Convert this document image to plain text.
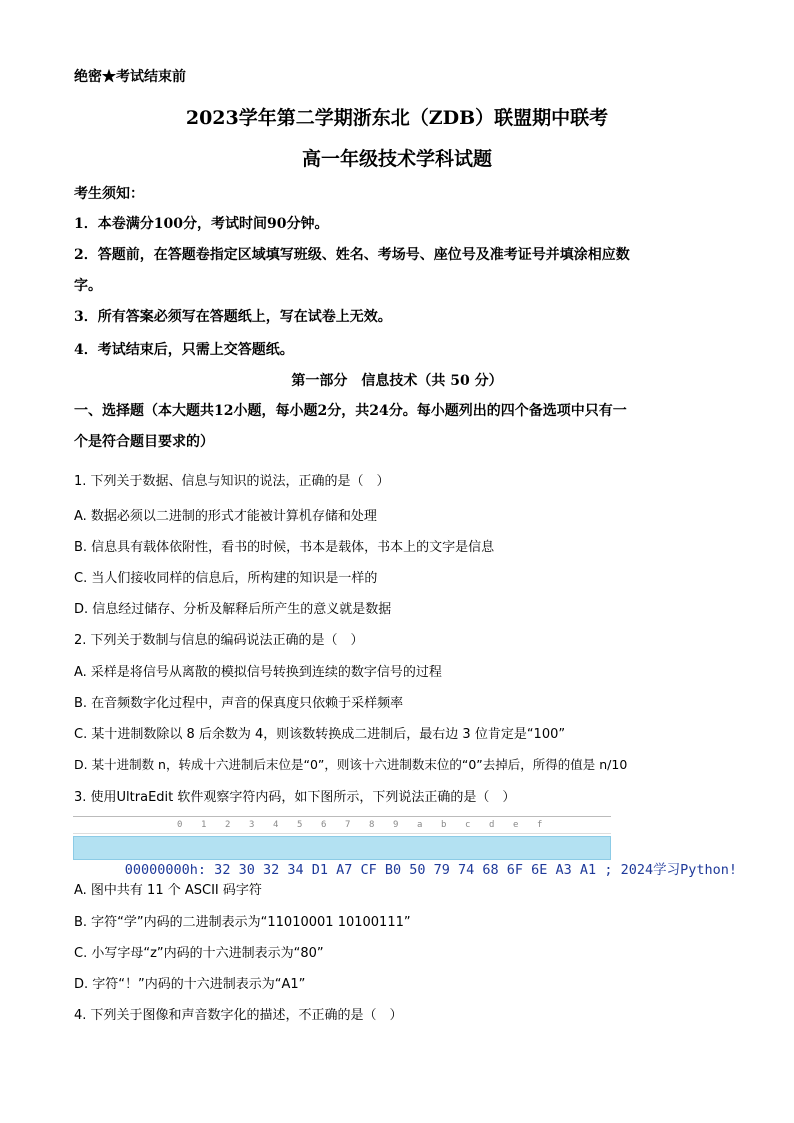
绝密★考试结束前
2023学年第二学期浙东北（ZDB）联盟期中联考
高一年级技术学科试题
考生须知：
1．本卷满分100分，考试时间90分钟。
2．答题前，在答题卷指定区域填写班级、姓名、考场号、座位号及准考证号并填涂相应数
字。
3．所有答案必须写在答题纸上，写在试卷上无效。
4．考试结束后，只需上交答题纸。
第一部分　信息技术（共 50 分）
一、选择题（本大题共12小题，每小题2分，共24分。每小题列出的四个备选项中只有一
个是符合题目要求的）
1. 下列关于数据、信息与知识的说法，正确的是（　）
A. 数据必须以二进制的形式才能被计算机存储和处理
B. 信息具有载体依附性，看书的时候，书本是载体，书本上的文字是信息
C. 当人们接收同样的信息后，所构建的知识是一样的
D. 信息经过储存、分析及解释后所产生的意义就是数据
2. 下列关于数制与信息的编码说法正确的是（　）
A. 采样是将信号从离散的模拟信号转换到连续的数字信号的过程
B. 在音频数字化过程中，声音的保真度只依赖于采样频率
C. 某十进制数除以 8 后余数为 4，则该数转换成二进制后，最右边 3 位肯定是“100”
D. 某十进制数 n，转成十六进制后末位是“0”，则该十六进制数末位的“0”去掉后，所得的值是 n/10
3. 使用UltraEdit 软件观察字符内码，如下图所示，下列说法正确的是（　）

0

1

2

3

4

5

6

7

8

9

a

b

c

d

e

f

00000000h: 32 30 32 34 D1 A7 CF B0 50 79 74 68 6F 6E A3 A1 ; 2024学习Python!

A. 图中共有 11 个 ASCII 码字符
B. 字符“学”内码的二进制表示为“11010001 10100111”
C. 小写字母“z”内码的十六进制表示为“80”
D. 字符“！”内码的十六进制表示为“A1”
4. 下列关于图像和声音数字化的描述，不正确的是（　）
